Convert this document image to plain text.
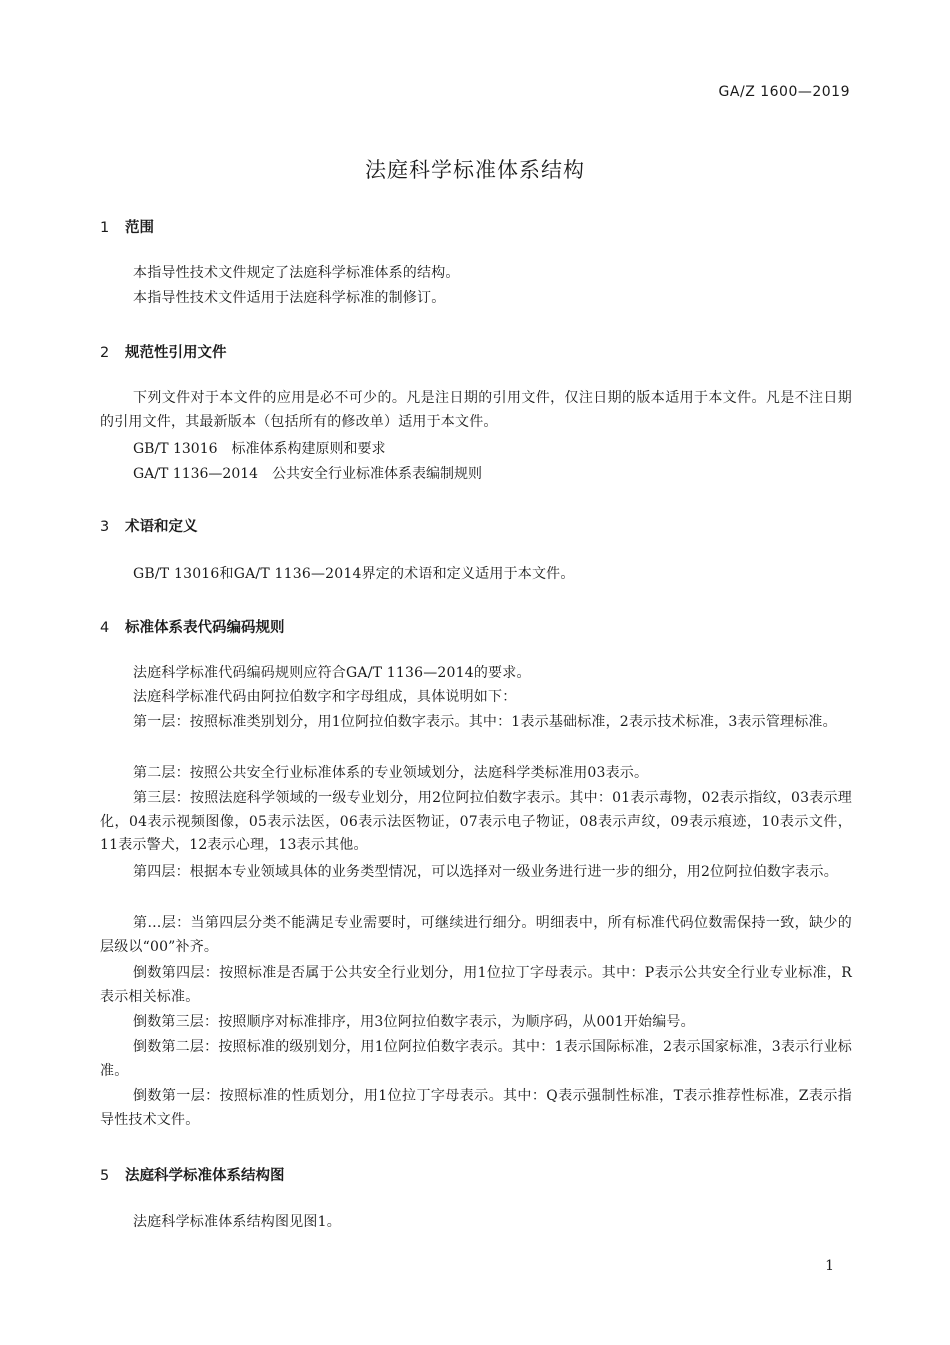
GA/Z 1600—2019
法庭科学标准体系结构
1 范围
本指导性技术文件规定了法庭科学标准体系的结构。
本指导性技术文件适用于法庭科学标准的制修订。
2 规范性引用文件
下列文件对于本文件的应用是必不可少的。凡是注日期的引用文件，仅注日期的版本适用于本文件。凡是不注日期的引用文件，其最新版本（包括所有的修改单）适用于本文件。
GB/T 13016 标准体系构建原则和要求
GA/T 1136—2014 公共安全行业标准体系表编制规则
3 术语和定义
GB/T 13016和GA/T 1136—2014界定的术语和定义适用于本文件。
4 标准体系表代码编码规则
法庭科学标准代码编码规则应符合GA/T 1136—2014的要求。
法庭科学标准代码由阿拉伯数字和字母组成，具体说明如下：
第一层：按照标准类别划分，用1位阿拉伯数字表示。其中：1表示基础标准，2表示技术标准，3表示管理标准。
第二层：按照公共安全行业标准体系的专业领域划分，法庭科学类标准用03表示。
第三层：按照法庭科学领域的一级专业划分，用2位阿拉伯数字表示。其中：01表示毒物，02表示指纹，03表示理化，04表示视频图像，05表示法医，06表示法医物证，07表示电子物证，08表示声纹，09表示痕迹，10表示文件，11表示警犬，12表示心理，13表示其他。
第四层：根据本专业领域具体的业务类型情况，可以选择对一级业务进行进一步的细分，用2位阿拉伯数字表示。
第…层：当第四层分类不能满足专业需要时，可继续进行细分。明细表中，所有标准代码位数需保持一致，缺少的层级以“00”补齐。
倒数第四层：按照标准是否属于公共安全行业划分，用1位拉丁字母表示。其中：P表示公共安全行业专业标准，R表示相关标准。
倒数第三层：按照顺序对标准排序，用3位阿拉伯数字表示，为顺序码，从001开始编号。
倒数第二层：按照标准的级别划分，用1位阿拉伯数字表示。其中：1表示国际标准，2表示国家标准，3表示行业标准。
倒数第一层：按照标准的性质划分，用1位拉丁字母表示。其中：Q表示强制性标准，T表示推荐性标准，Z表示指导性技术文件。
5 法庭科学标准体系结构图
法庭科学标准体系结构图见图1。
1
